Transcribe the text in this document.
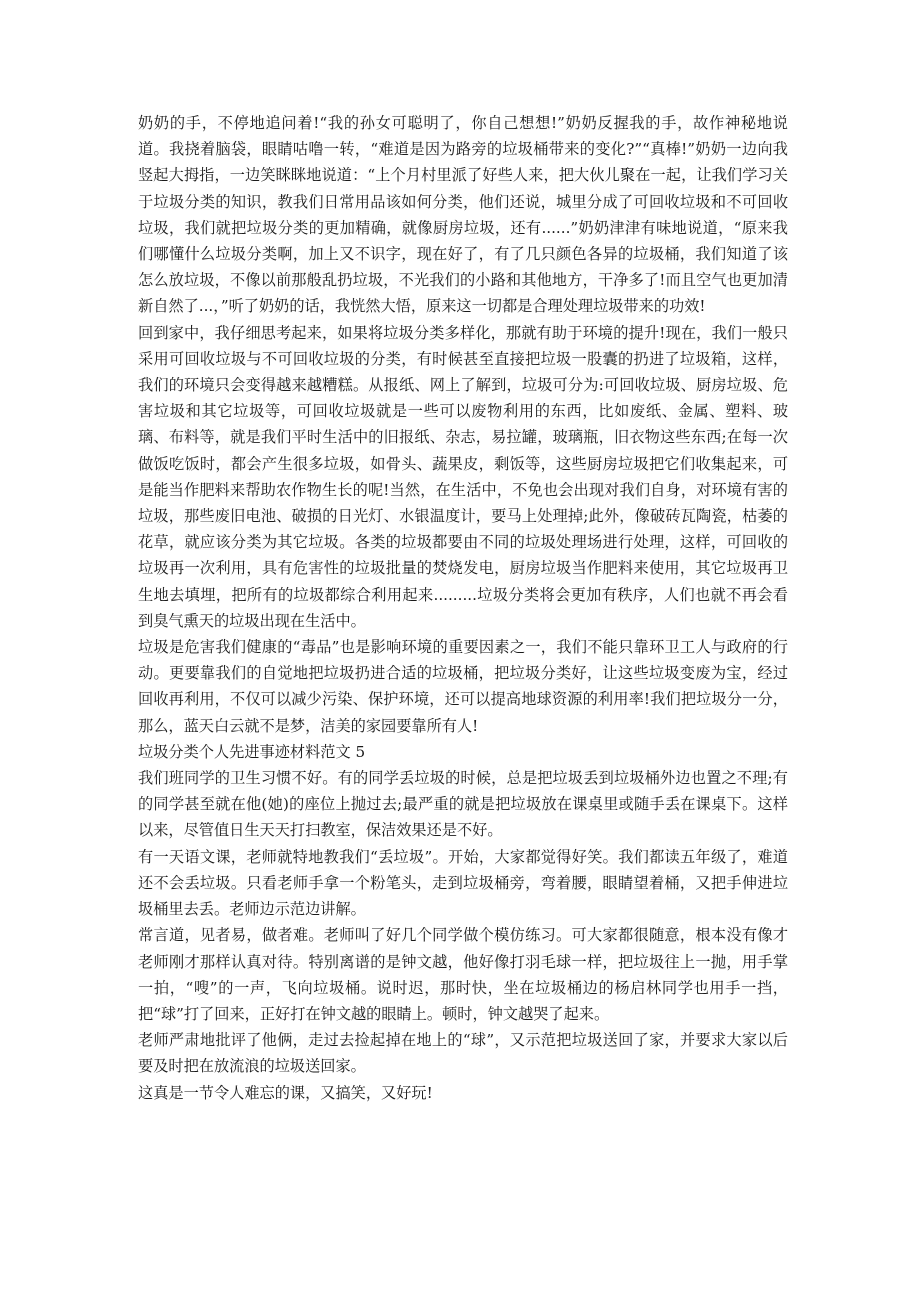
奶奶的手，不停地追问着!“我的孙女可聪明了，你自己想想!”奶奶反握我的手，故作神秘地说道。我挠着脑袋，眼睛咕噜一转，“难道是因为路旁的垃圾桶带来的变化?”“真棒!”奶奶一边向我竖起大拇指，一边笑眯眯地说道：“上个月村里派了好些人来，把大伙儿聚在一起，让我们学习关于垃圾分类的知识，教我们日常用品该如何分类，他们还说，城里分成了可回收垃圾和不可回收垃圾，我们就把垃圾分类的更加精确，就像厨房垃圾，还有......”奶奶津津有味地说道，“原来我们哪懂什么垃圾分类啊，加上又不识字，现在好了，有了几只颜色各异的垃圾桶，我们知道了该怎么放垃圾，不像以前那般乱扔垃圾，不光我们的小路和其他地方，干净多了!而且空气也更加清新自然了...，”听了奶奶的话，我恍然大悟，原来这一切都是合理处理垃圾带来的功效!

回到家中，我仔细思考起来，如果将垃圾分类多样化，那就有助于环境的提升!现在，我们一般只采用可回收垃圾与不可回收垃圾的分类，有时候甚至直接把垃圾一股囊的扔进了垃圾箱，这样，我们的环境只会变得越来越糟糕。从报纸、网上了解到，垃圾可分为:可回收垃圾、厨房垃圾、危害垃圾和其它垃圾等，可回收垃圾就是一些可以废物利用的东西，比如废纸、金属、塑料、玻璃、布料等，就是我们平时生活中的旧报纸、杂志，易拉罐，玻璃瓶，旧衣物这些东西;在每一次做饭吃饭时，都会产生很多垃圾，如骨头、蔬果皮，剩饭等，这些厨房垃圾把它们收集起来，可是能当作肥料来帮助农作物生长的呢!当然，在生活中，不免也会出现对我们自身，对环境有害的垃圾，那些废旧电池、破损的日光灯、水银温度计，要马上处理掉;此外，像破砖瓦陶瓷，枯萎的花草，就应该分类为其它垃圾。各类的垃圾都要由不同的垃圾处理场进行处理，这样，可回收的垃圾再一次利用，具有危害性的垃圾批量的焚烧发电，厨房垃圾当作肥料来使用，其它垃圾再卫生地去填埋，把所有的垃圾都综合利用起来.........垃圾分类将会更加有秩序，人们也就不再会看到臭气熏天的垃圾出现在生活中。

垃圾是危害我们健康的“毒品”也是影响环境的重要因素之一，我们不能只靠环卫工人与政府的行动。更要靠我们的自觉地把垃圾扔进合适的垃圾桶，把垃圾分类好，让这些垃圾变废为宝，经过回收再利用，不仅可以减少污染、保护环境，还可以提高地球资源的利用率!我们把垃圾分一分，那么，蓝天白云就不是梦，洁美的家园要靠所有人!

垃圾分类个人先进事迹材料范文 5

我们班同学的卫生习惯不好。有的同学丢垃圾的时候，总是把垃圾丢到垃圾桶外边也置之不理;有的同学甚至就在他(她)的座位上抛过去;最严重的就是把垃圾放在课桌里或随手丢在课桌下。这样以来，尽管值日生天天打扫教室，保洁效果还是不好。

有一天语文课，老师就特地教我们“丢垃圾”。开始，大家都觉得好笑。我们都读五年级了，难道还不会丢垃圾。只看老师手拿一个粉笔头，走到垃圾桶旁，弯着腰，眼睛望着桶，又把手伸进垃圾桶里去丢。老师边示范边讲解。

常言道，见者易，做者难。老师叫了好几个同学做个模仿练习。可大家都很随意，根本没有像才老师刚才那样认真对待。特别离谱的是钟文越，他好像打羽毛球一样，把垃圾往上一抛，用手掌一拍，“嗖”的一声，飞向垃圾桶。说时迟，那时快，坐在垃圾桶边的杨启林同学也用手一挡，把“球”打了回来，正好打在钟文越的眼睛上。顿时，钟文越哭了起来。

老师严肃地批评了他俩，走过去捡起掉在地上的“球”，又示范把垃圾送回了家，并要求大家以后要及时把在放流浪的垃圾送回家。

这真是一节令人难忘的课，又搞笑，又好玩!
